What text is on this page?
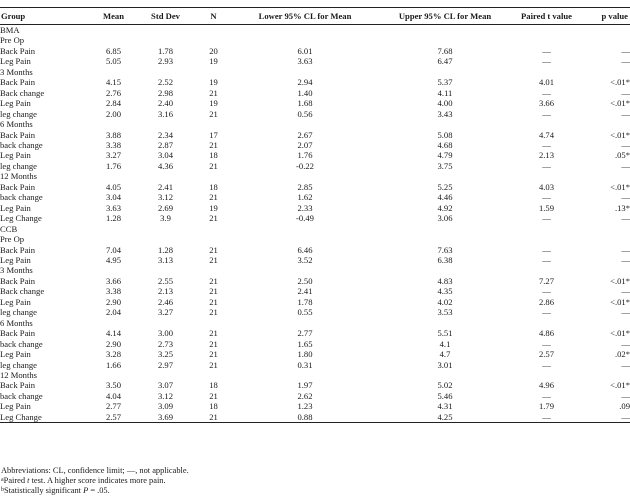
Group	Mean	Std Dev	N	Lower 95% CL for Mean	Upper 95% CL for Mean	Paired t value	p value
BMA							
Pre Op							
Back Pain	6.85	1.78	20	6.01	7.68	—	—
Leg Pain	5.05	2.93	19	3.63	6.47	—	—
3 Months							
Back Pain	4.15	2.52	19	2.94	5.37	4.01	<.01*
Back change	2.76	2.98	21	1.40	4.11	—	—
Leg Pain	2.84	2.40	19	1.68	4.00	3.66	<.01*
leg change	2.00	3.16	21	0.56	3.43	—	—
6 Months							
Back Pain	3.88	2.34	17	2.67	5.08	4.74	<.01*
back change	3.38	2.87	21	2.07	4.68	—	—
Leg Pain	3.27	3.04	18	1.76	4.79	2.13	.05*
leg change	1.76	4.36	21	-0.22	3.75	—	—
12 Months							
Back Pain	4.05	2.41	18	2.85	5.25	4.03	<.01*
back change	3.04	3.12	21	1.62	4.46	—	—
Leg Pain	3.63	2.69	19	2.33	4.92	1.59	.13*
Leg Change	1.28	3.9	21	-0.49	3.06	—	—
CCB							
Pre Op							
Back Pain	7.04	1.28	21	6.46	7.63	—	—
Leg Pain	4.95	3.13	21	3.52	6.38	—	—
3 Months							
Back Pain	3.66	2.55	21	2.50	4.83	7.27	<.01*
Back change	3.38	2.13	21	2.41	4.35	—	—
Leg Pain	2.90	2.46	21	1.78	4.02	2.86	<.01*
leg change	2.04	3.27	21	0.55	3.53	—	—
6 Months							
Back Pain	4.14	3.00	21	2.77	5.51	4.86	<.01*
back change	2.90	2.73	21	1.65	4.1	—	—
Leg Pain	3.28	3.25	21	1.80	4.7	2.57	.02*
leg change	1.66	2.97	21	0.31	3.01	—	—
12 Months							
Back Pain	3.50	3.07	18	1.97	5.02	4.96	<.01*
back change	4.04	3.12	21	2.62	5.46	—	—
Leg Pain	2.77	3.09	18	1.23	4.31	1.79	.09
Leg Change	2.57	3.69	21	0.88	4.25	—	—

Abbreviations: CL, confidence limit; —, not applicable.

$^a$Paired t test. A higher score indicates more pain.

$^b$Statistically significant P = .05.
